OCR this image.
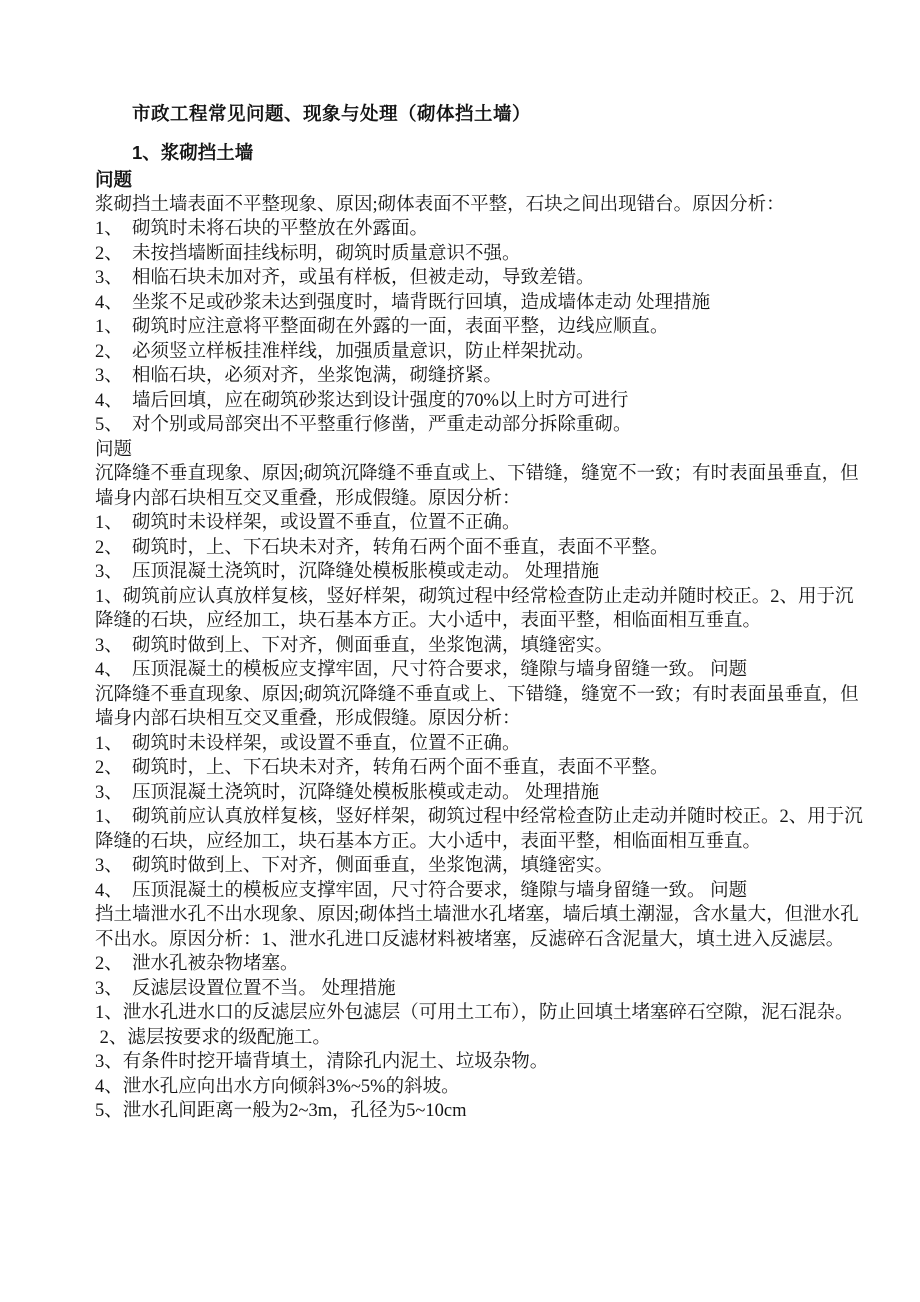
市政工程常见问题、现象与处理（砌体挡土墙）
1、浆砌挡土墙
问题
浆砌挡土墙表面不平整现象、原因;砌体表面不平整，石块之间出现错台。原因分析：
1、 砌筑时未将石块的平整放在外露面。
2、 未按挡墙断面挂线标明，砌筑时质量意识不强。
3、 相临石块未加对齐，或虽有样板，但被走动，导致差错。
4、 坐浆不足或砂浆未达到强度时，墙背既行回填，造成墙体走动 处理措施
1、 砌筑时应注意将平整面砌在外露的一面，表面平整，边线应顺直。
2、 必须竖立样板挂准样线，加强质量意识，防止样架扰动。
3、 相临石块，必须对齐，坐浆饱满，砌缝挤紧。
4、 墙后回填，应在砌筑砂浆达到设计强度的70%以上时方可进行
5、 对个别或局部突出不平整重行修凿，严重走动部分拆除重砌。
问题
沉降缝不垂直现象、原因;砌筑沉降缝不垂直或上、下错缝，缝宽不一致；有时表面虽垂直，但
墙身内部石块相互交叉重叠，形成假缝。原因分析：
1、 砌筑时未设样架，或设置不垂直，位置不正确。
2、 砌筑时，上、下石块未对齐，转角石两个面不垂直，表面不平整。
3、 压顶混凝土浇筑时，沉降缝处模板胀模或走动。 处理措施
1、砌筑前应认真放样复核，竖好样架，砌筑过程中经常检查防止走动并随时校正。2、用于沉
降缝的石块，应经加工，块石基本方正。大小适中，表面平整，相临面相互垂直。
3、 砌筑时做到上、下对齐，侧面垂直，坐浆饱满，填缝密实。
4、 压顶混凝土的模板应支撑牢固，尺寸符合要求，缝隙与墙身留缝一致。 问题
沉降缝不垂直现象、原因;砌筑沉降缝不垂直或上、下错缝，缝宽不一致；有时表面虽垂直，但
墙身内部石块相互交叉重叠，形成假缝。原因分析：
1、 砌筑时未设样架，或设置不垂直，位置不正确。
2、 砌筑时，上、下石块未对齐，转角石两个面不垂直，表面不平整。
3、 压顶混凝土浇筑时，沉降缝处模板胀模或走动。 处理措施
1、 砌筑前应认真放样复核，竖好样架，砌筑过程中经常检查防止走动并随时校正。2、用于沉
降缝的石块，应经加工，块石基本方正。大小适中，表面平整，相临面相互垂直。
3、 砌筑时做到上、下对齐，侧面垂直，坐浆饱满，填缝密实。
4、 压顶混凝土的模板应支撑牢固，尺寸符合要求，缝隙与墙身留缝一致。 问题
挡土墙泄水孔不出水现象、原因;砌体挡土墙泄水孔堵塞，墙后填土潮湿，含水量大，但泄水孔
不出水。原因分析：1、泄水孔进口反滤材料被堵塞，反滤碎石含泥量大，填土进入反滤层。
2、 泄水孔被杂物堵塞。
3、 反滤层设置位置不当。 处理措施
1、泄水孔进水口的反滤层应外包滤层（可用土工布），防止回填土堵塞碎石空隙，泥石混杂。
2、滤层按要求的级配施工。
3、有条件时挖开墙背填土，清除孔内泥土、垃圾杂物。
4、泄水孔应向出水方向倾斜3%~5%的斜坡。
5、泄水孔间距离一般为2~3m，孔径为5~10cm
